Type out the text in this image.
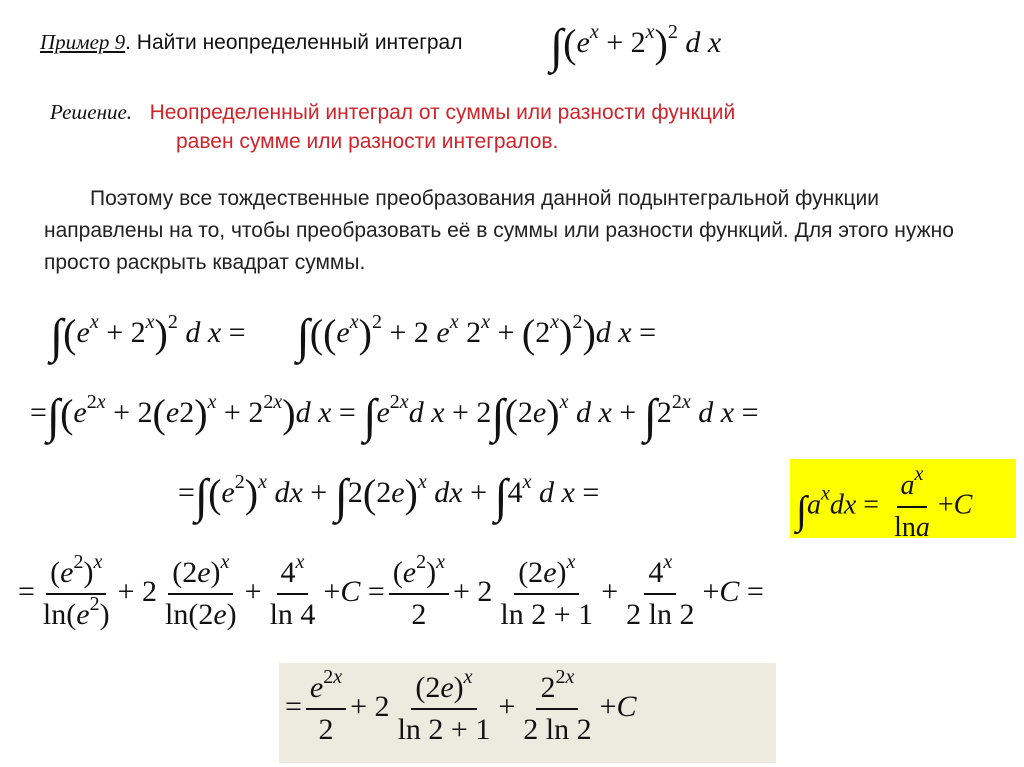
Пример 9. Найти неопределенный интеграл $\int(e^x + 2^x)^2$ d x
Решение. Неопределенный интеграл от суммы или разности функций
равен сумме или разности интегралов.
Поэтому все тождественные преобразования данной подынтегральной функции направлены на то, чтобы преобразовать её в суммы или разности функций. Для этого нужно просто раскрыть квадрат суммы.
$\int(e^x + 2^x)^2$ d $x = \int((e^x)^2 + 2$ $e^x$ $2^x + (2^x)^2)d$ x =
$=\int(e^{2x} + 2(e2)^x + 2^{2x})d$ $x = \int e^{2x}d$ $x + 2\int(2e)^x$ d $x + \int 2^{2x}$ d x =
$=\int(e^2)^x$ dx + $\int 2(2e)^x$ dx + $\int 4^x$ d x =	$\int a^xdx = \frac{a^x}{\ln a} +C$
= $\frac{(e^2)^x}{\ln(e^2)} + 2 \frac{(2e)^x}{\ln(2e)} + \frac{4^x}{\ln 4} +C = \frac{(e^2)^x}{2} + 2 \frac{(2e)^x}{\ln 2 + 1} + \frac{4^x}{2 \ln 2} +C$ =
= $\frac{e^{2x}}{2} + 2 \frac{(2e)^x}{\ln 2 + 1} + \frac{2^{2x}}{2 \ln 2} +C$
